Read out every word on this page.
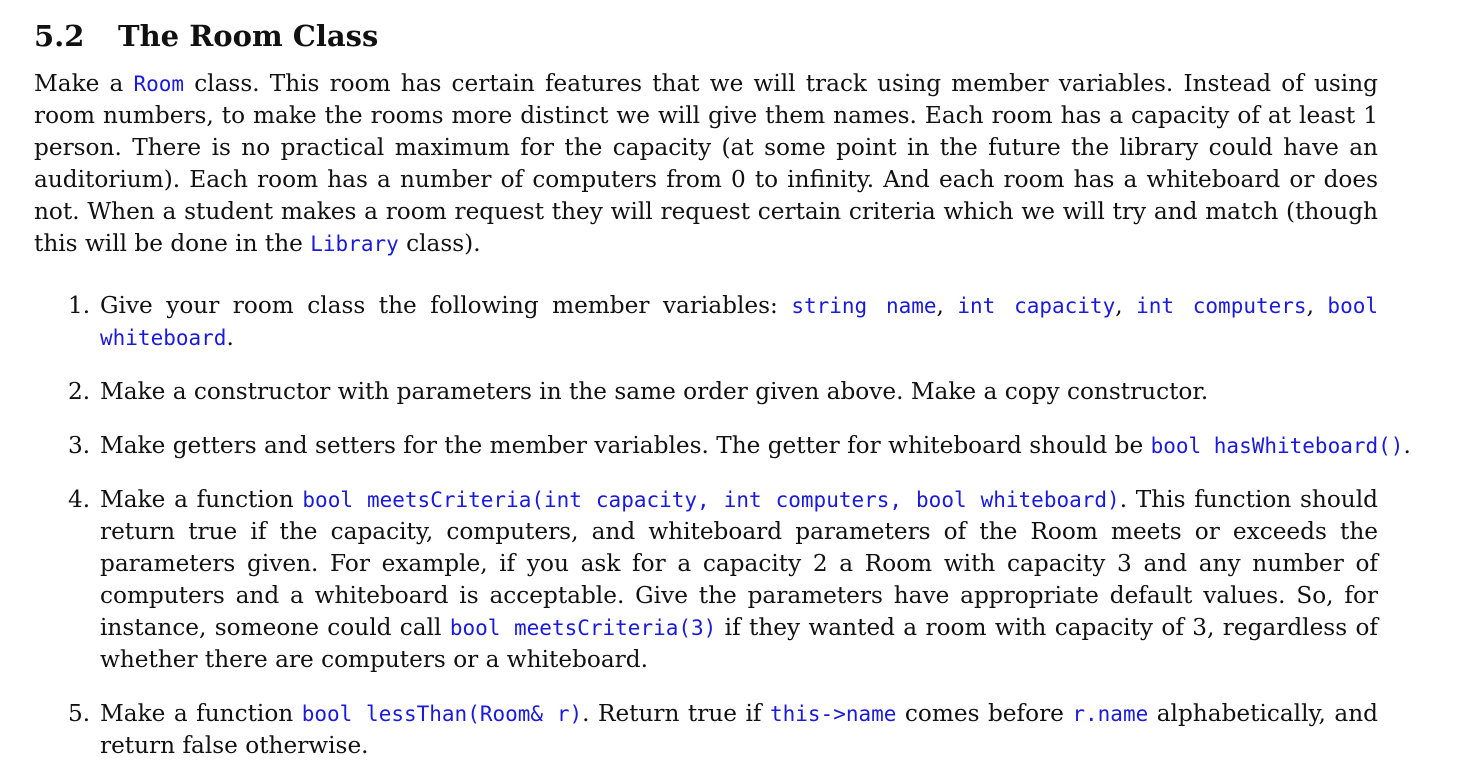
5.2	The Room Class

Make a Room class. This room has certain features that we will track using member variables. Instead of using room numbers, to make the rooms more distinct we will give them names. Each room has a capacity of at least 1 person. There is no practical maximum for the capacity (at some point in the future the library could have an auditorium). Each room has a number of computers from 0 to infinity. And each room has a whiteboard or does not. When a student makes a room request they will request certain criteria which we will try and match (though this will be done in the Library class).

1. Give your room class the following member variables: string name, int capacity, int computers, bool whiteboard.
2. Make a constructor with parameters in the same order given above. Make a copy constructor.
3. Make getters and setters for the member variables. The getter for whiteboard should be bool hasWhiteboard().
4. Make a function bool meetsCriteria(int capacity, int computers, bool whiteboard). This function should return true if the capacity, computers, and whiteboard parameters of the Room meets or exceeds the parameters given. For example, if you ask for a capacity 2 a Room with capacity 3 and any number of computers and a whiteboard is acceptable. Give the parameters have appropriate default values. So, for instance, someone could call bool meetsCriteria(3) if they wanted a room with capacity of 3, regardless of whether there are computers or a whiteboard.
5. Make a function bool lessThan(Room& r). Return true if this->name comes before r.name alphabetically, and return false otherwise.
